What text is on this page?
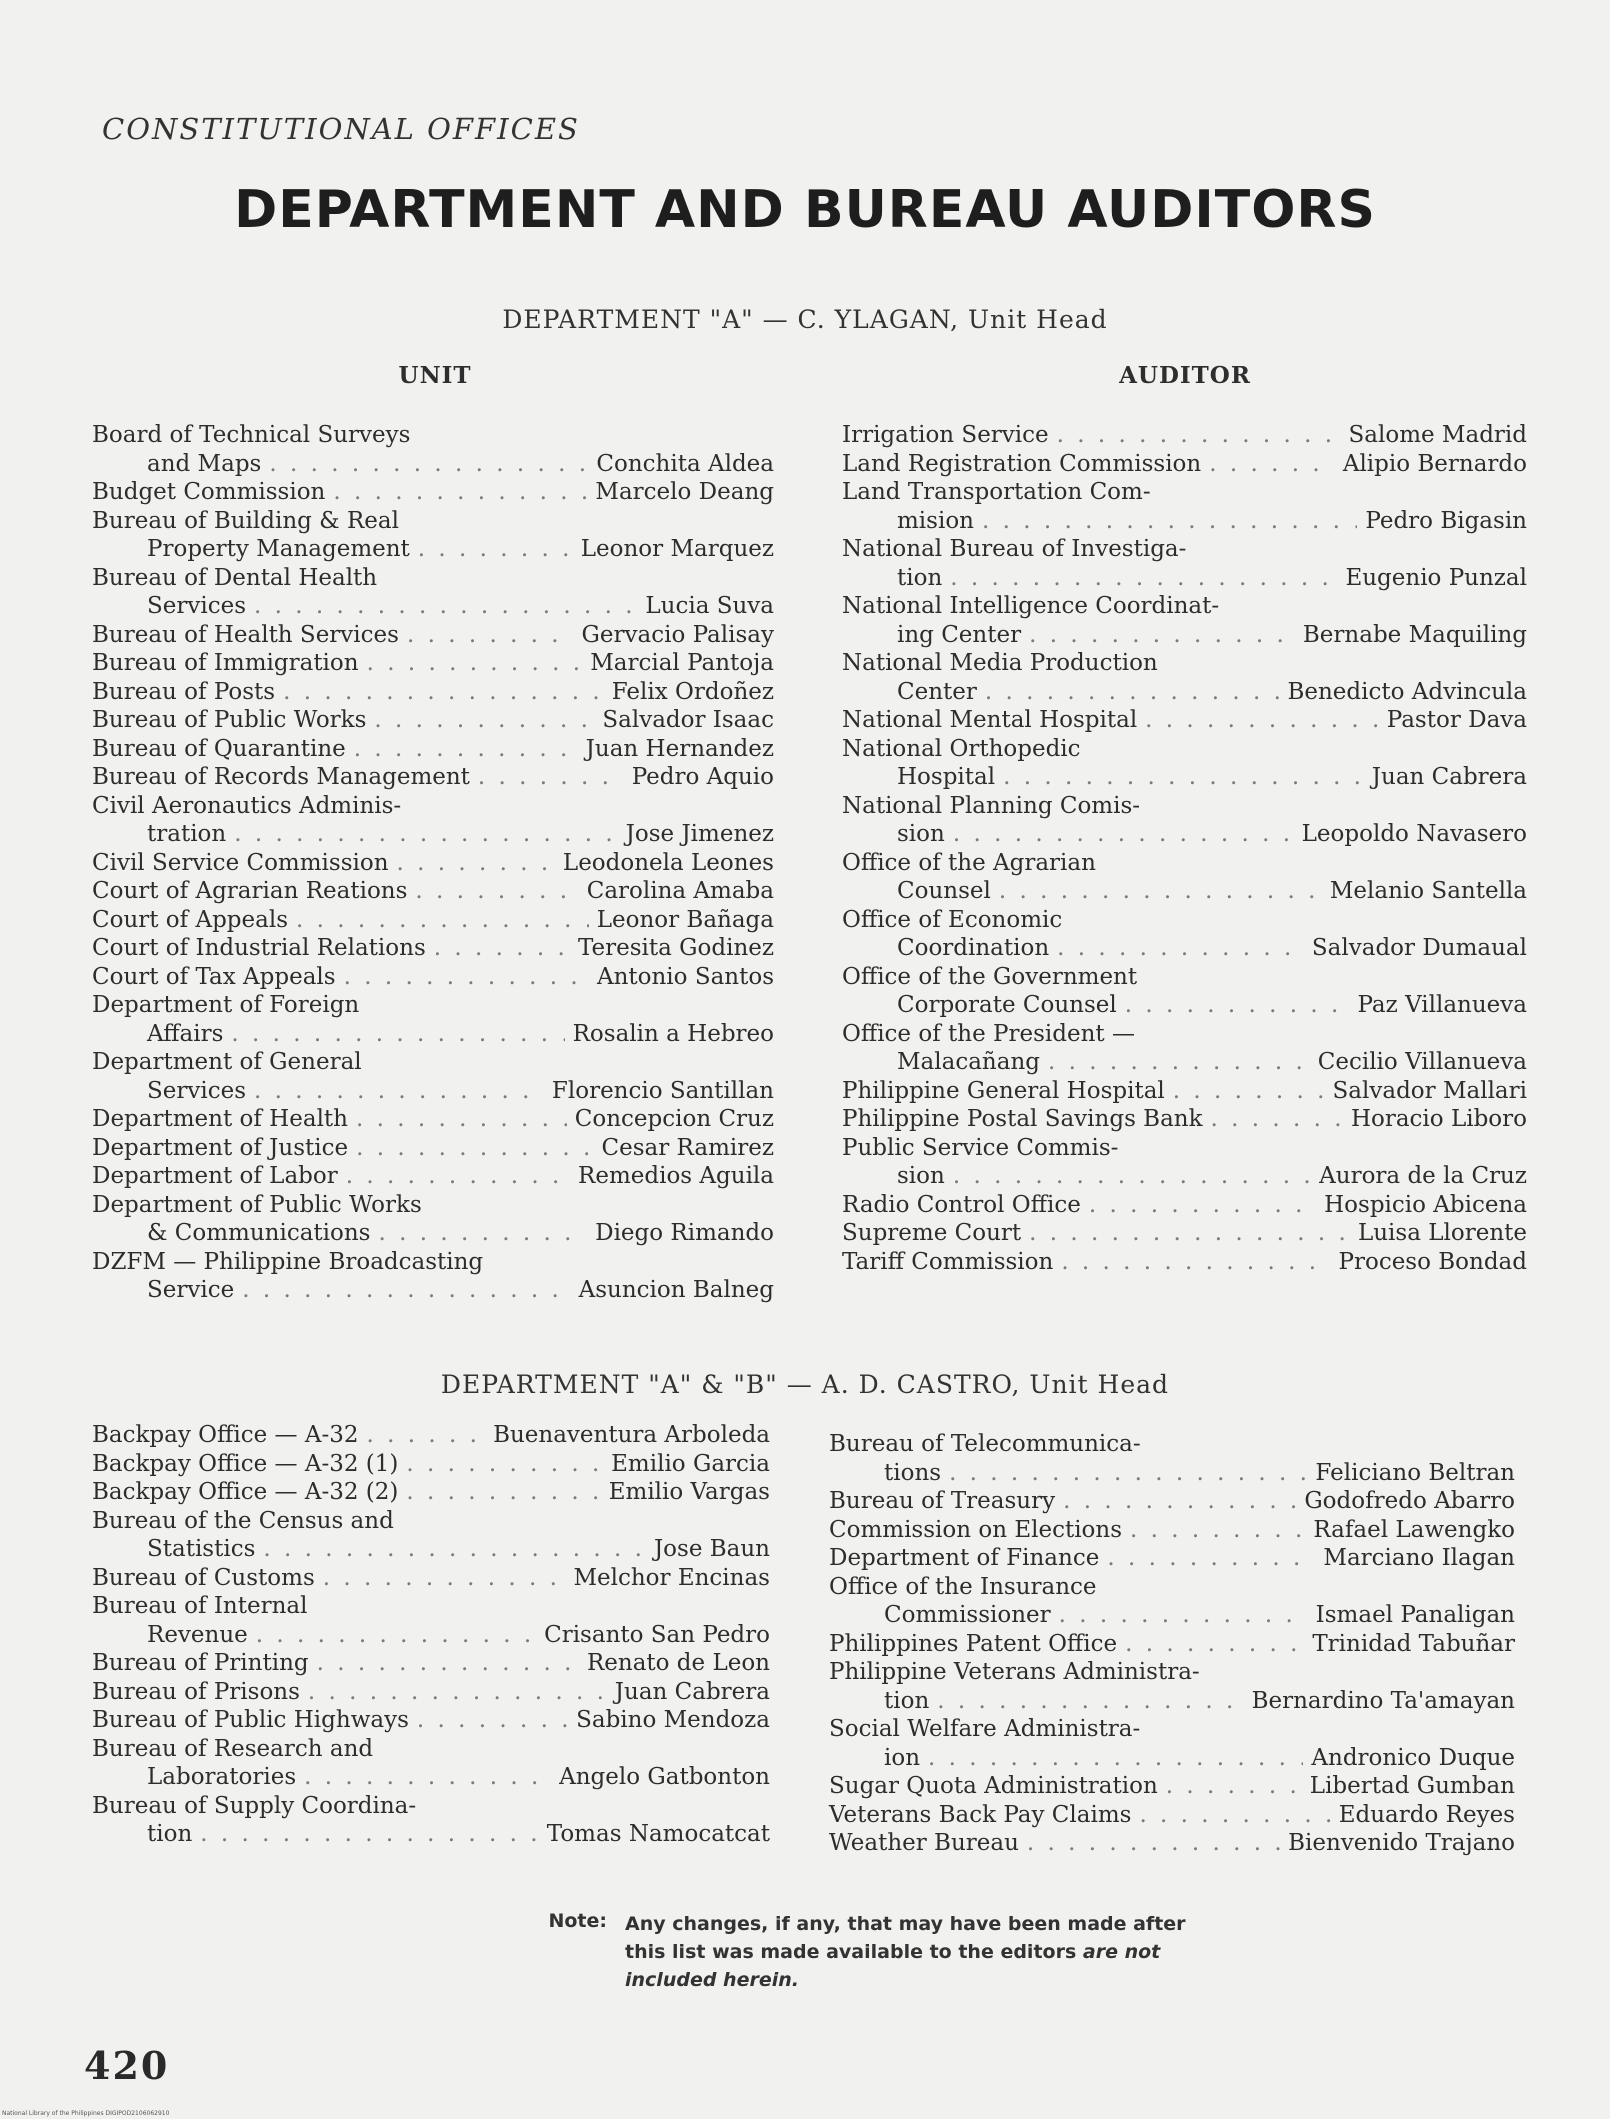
CONSTITUTIONAL OFFICES
DEPARTMENT AND BUREAU AUDITORS
DEPARTMENT "A" — C. YLAGAN, Unit Head
UNIT	AUDITOR
Board of Technical Surveys
and Maps . . .	Conchita Aldea
Budget Commission . . .	Marcelo Deang
Bureau of Building & Real
Property Management . . .	Leonor Marquez
Bureau of Dental Health
Services . . .	Lucia Suva
Bureau of Health Services . . .	Gervacio Palisay
Bureau of Immigration . . .	Marcial Pantoja
Bureau of Posts . . .	Felix Ordoñez
Bureau of Public Works . . .	Salvador Isaac
Bureau of Quarantine . . .	Juan Hernandez
Bureau of Records Management . . .	Pedro Aquio
Civil Aeronautics Adminis-
tration . . .	Jose Jimenez
Civil Service Commission . . .	Leodonela Leones
Court of Agrarian Reations . . .	Carolina Amaba
Court of Appeals . . .	Leonor Bañaga
Court of Industrial Relations . . .	Teresita Godinez
Court of Tax Appeals . . .	Antonio Santos
Department of Foreign
Affairs . . .	Rosalin a Hebreo
Department of General
Services . . .	Florencio Santillan
Department of Health . . .	Concepcion Cruz
Department of Justice . . .	Cesar Ramirez
Department of Labor . . .	Remedios Aguila
Department of Public Works
& Communications . . .	Diego Rimando
DZFM — Philippine Broadcasting
Service . . .	Asuncion Balneg
Irrigation Service . . .	Salome Madrid
Land Registration Commission . . .	Alipio Bernardo
Land Transportation Com-
mision . . .	Pedro Bigasin
National Bureau of Investiga-
tion . . .	Eugenio Punzal
National Intelligence Coordinat-
ing Center . . .	Bernabe Maquiling
National Media Production
Center . . .	Benedicto Advincula
National Mental Hospital . . .	Pastor Dava
National Orthopedic
Hospital . . .	Juan Cabrera
National Planning Comis-
sion . . .	Leopoldo Navasero
Office of the Agrarian
Counsel . . .	Melanio Santella
Office of Economic
Coordination . . .	Salvador Dumaual
Office of the Government
Corporate Counsel . . .	Paz Villanueva
Office of the President —
Malacañang . . .	Cecilio Villanueva
Philippine General Hospital . . .	Salvador Mallari
Philippine Postal Savings Bank . . .	Horacio Liboro
Public Service Commis-
sion . . .	Aurora de la Cruz
Radio Control Office . . .	Hospicio Abicena
Supreme Court . . .	Luisa Llorente
Tariff Commission . . .	Proceso Bondad
DEPARTMENT "A" & "B" — A. D. CASTRO, Unit Head
Backpay Office — A-32 . . .	Buenaventura Arboleda
Backpay Office — A-32 (1) . . .	Emilio Garcia
Backpay Office — A-32 (2) . . .	Emilio Vargas
Bureau of the Census and
Statistics . . .	Jose Baun
Bureau of Customs . . .	Melchor Encinas
Bureau of Internal
Revenue . . .	Crisanto San Pedro
Bureau of Printing . . .	Renato de Leon
Bureau of Prisons . . .	Juan Cabrera
Bureau of Public Highways . . .	Sabino Mendoza
Bureau of Research and
Laboratories . . .	Angelo Gatbonton
Bureau of Supply Coordina-
tion . . .	Tomas Namocatcat
Bureau of Telecommunica-
tions . . .	Feliciano Beltran
Bureau of Treasury . . .	Godofredo Abarro
Commission on Elections . . .	Rafael Lawengko
Department of Finance . . .	Marciano Ilagan
Office of the Insurance
Commissioner . . .	Ismael Panaligan
Philippines Patent Office . . .	Trinidad Tabuñar
Philippine Veterans Administra-
tion . . .	Bernardino Ta'amayan
Social Welfare Administra-
ion . . .	Andronico Duque
Sugar Quota Administration . . .	Libertad Gumban
Veterans Back Pay Claims . . .	Eduardo Reyes
Weather Bureau . . .	Bienvenido Trajano
Note: Any changes, if any, that may have been made after this list was made available to the editors are not included herein.
420
National Library of the Philippines DIGIPOD2106062910
